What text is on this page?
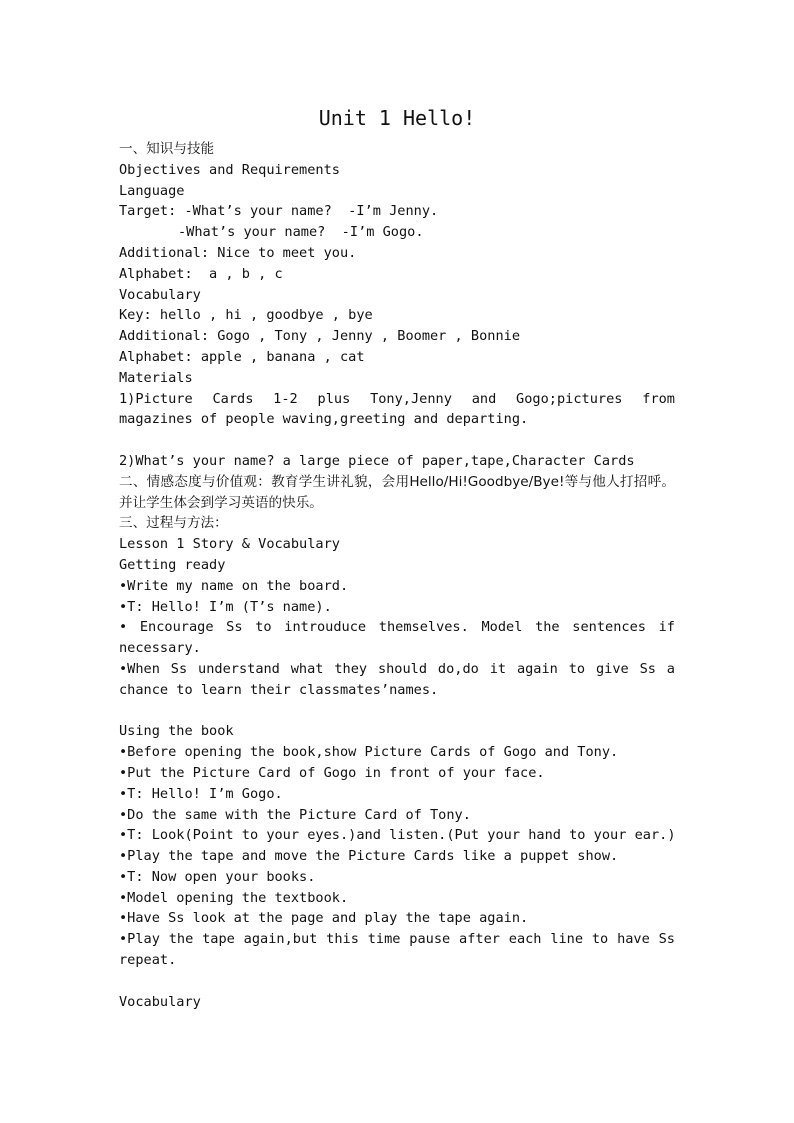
Unit 1 Hello!
一、知识与技能
Objectives and Requirements
Language
Target: -What’s your name?  -I’m Jenny.
-What’s your name?  -I’m Gogo.
Additional: Nice to meet you.
Alphabet:  a , b , c
Vocabulary
Key: hello , hi , goodbye , bye
Additional: Gogo , Tony , Jenny , Boomer , Bonnie
Alphabet: apple , banana , cat
Materials
1)Picture Cards 1-2 plus Tony,Jenny and Gogo;pictures from magazines of people waving,greeting and departing.
2)What’s your name? a large piece of paper,tape,Character Cards
二、情感态度与价值观：教育学生讲礼貌，会用Hello/Hi!Goodbye/Bye!等与他人打招呼。并让学生体会到学习英语的快乐。
三、过程与方法：
Lesson 1 Story & Vocabulary
Getting ready
•Write my name on the board.
•T: Hello! I’m (T’s name).
• Encourage Ss to introuduce themselves. Model the sentences if necessary.
•When Ss understand what they should do,do it again to give Ss a chance to learn their classmates’names.
Using the book
•Before opening the book,show Picture Cards of Gogo and Tony.
•Put the Picture Card of Gogo in front of your face.
•T: Hello! I’m Gogo.
•Do the same with the Picture Card of Tony.
•T: Look(Point to your eyes.)and listen.(Put your hand to your ear.)
•Play the tape and move the Picture Cards like a puppet show.
•T: Now open your books.
•Model opening the textbook.
•Have Ss look at the page and play the tape again.
•Play the tape again,but this time pause after each line to have Ss repeat.
Vocabulary
